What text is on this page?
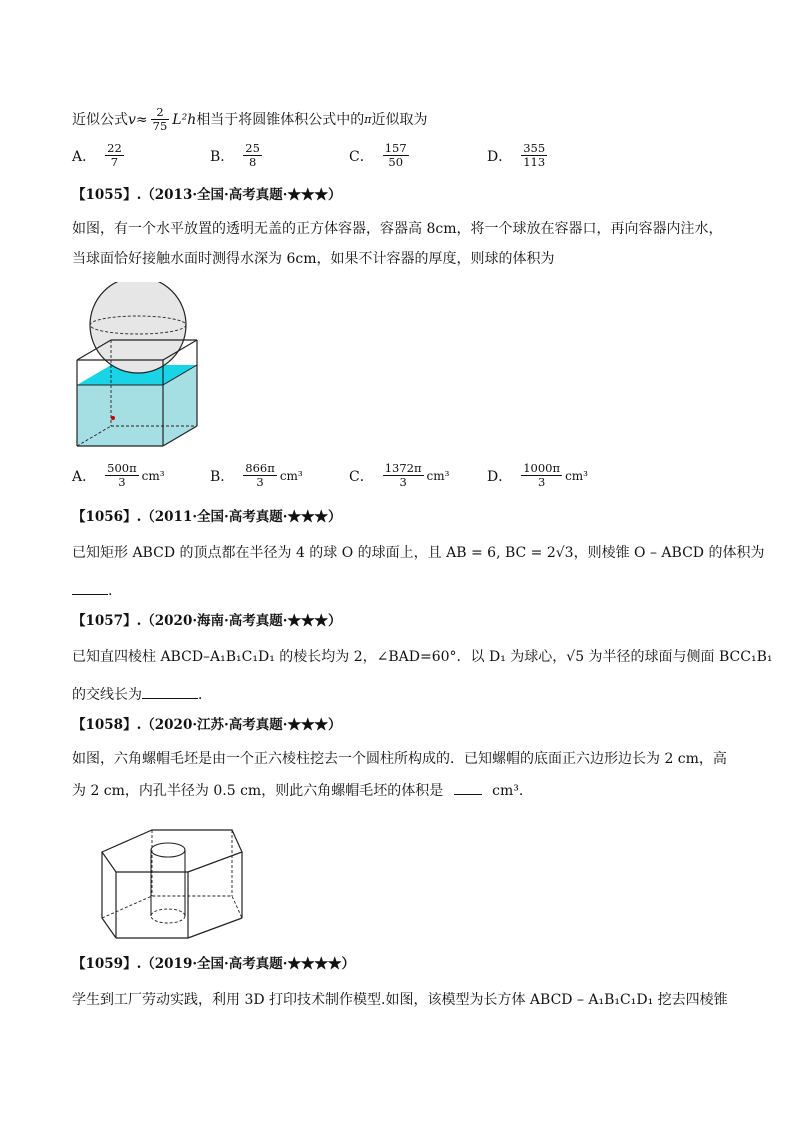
近似公式 $v \approx \frac{2}{75} L^2h$ 相当于将圆锥体积公式中的 π 近似取为
A． $\frac{22}{7}$	B． $\frac{25}{8}$	C． $\frac{157}{50}$	D． $\frac{355}{113}$
【1055】.（2013·全国·高考真题·★★★）
如图，有一个水平放置的透明无盖的正方体容器，容器高 8cm，将一个球放在容器口，再向容器内注水，
当球面恰好接触水面时测得水深为 6cm，如果不计容器的厚度，则球的体积为
A． $\frac{500\pi}{3} cm^3$	B． $\frac{866\pi}{3} cm^3$	C． $\frac{1372\pi}{3} cm^3$	D． $\frac{1000\pi}{3} cm^3$
【1056】.（2011·全国·高考真题·★★★）
已知矩形 ABCD 的顶点都在半径为 4 的球 O 的球面上，且 AB = 6, BC = 2√3，则棱锥 O – ABCD 的体积为
.
【1057】.（2020·海南·高考真题·★★★）
已知直四棱柱 ABCD–A₁B₁C₁D₁ 的棱长均为 2，∠BAD=60°．以 D₁ 为球心，√5 为半径的球面与侧面 BCC₁B₁
的交线长为	．
【1058】.（2020·江苏·高考真题·★★★）
如图，六角螺帽毛坯是由一个正六棱柱挖去一个圆柱所构成的．已知螺帽的底面正六边形边长为 2 cm，高
为 2 cm，内孔半径为 0.5 cm，则此六角螺帽毛坯的体积是	cm³.
【1059】.（2019·全国·高考真题·★★★★）
学生到工厂劳动实践，利用 3D 打印技术制作模型.如图，该模型为长方体 ABCD – A₁B₁C₁D₁ 挖去四棱锥
